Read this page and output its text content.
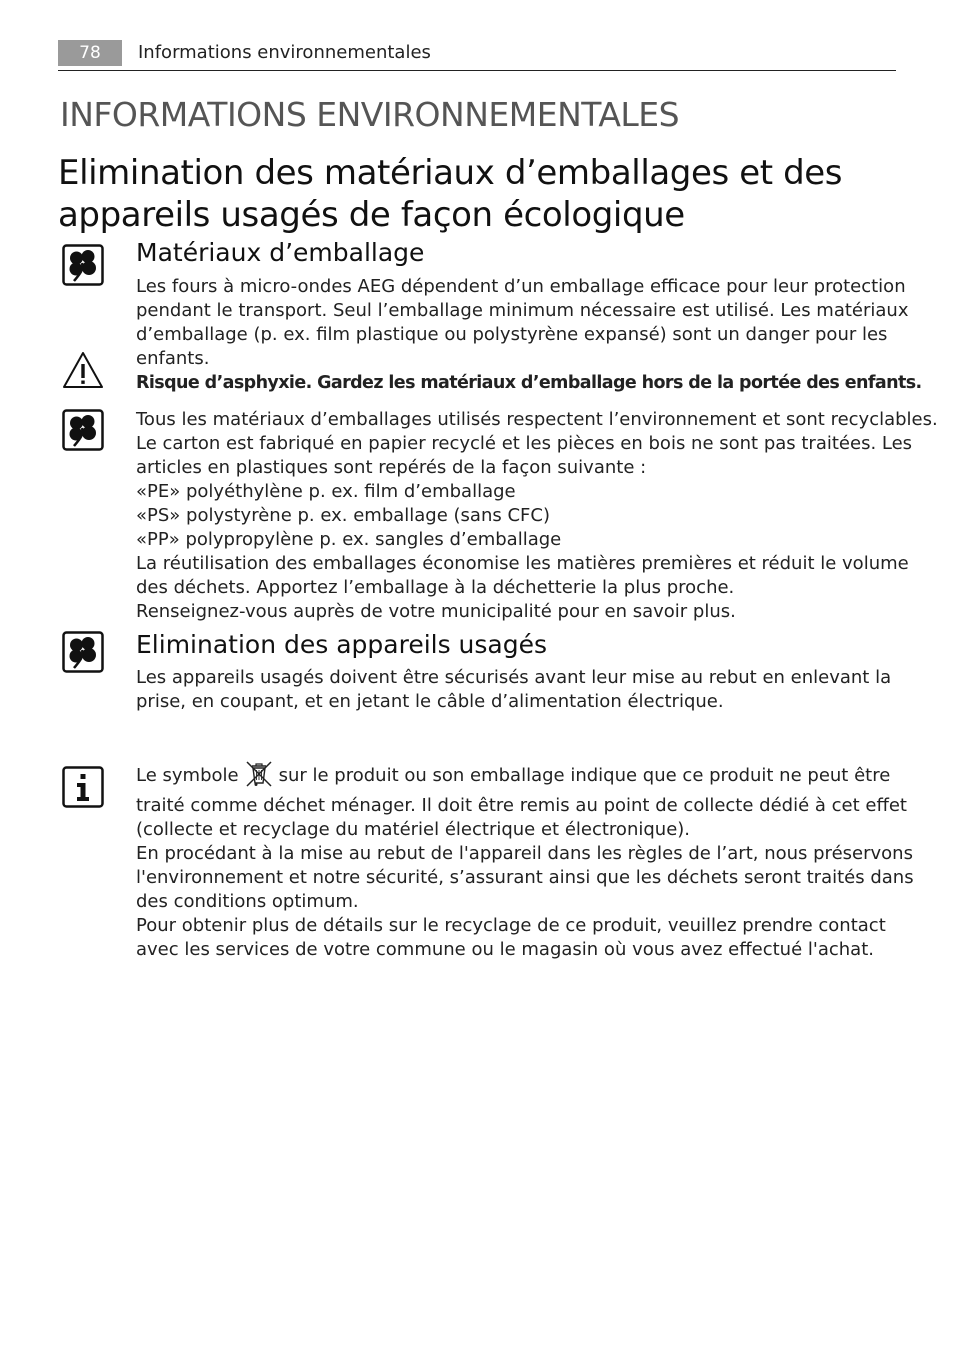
78	Informations environnementales
INFORMATIONS ENVIRONNEMENTALES
Elimination des matériaux d’emballages et des
appareils usagés de façon écologique
Matériaux d’emballage
Les fours à micro-ondes AEG dépendent d’un emballage efficace pour leur protection
pendant le transport. Seul l’emballage minimum nécessaire est utilisé. Les matériaux
d’emballage (p. ex. film plastique ou polystyrène expansé) sont un danger pour les
enfants.
Risque d’asphyxie. Gardez les matériaux d’emballage hors de la portée des enfants.
Tous les matériaux d’emballages utilisés respectent l’environnement et sont recyclables.
Le carton est fabriqué en papier recyclé et les pièces en bois ne sont pas traitées. Les
articles en plastiques sont repérés de la façon suivante :
«PE» polyéthylène p. ex. film d’emballage
«PS» polystyrène p. ex. emballage (sans CFC)
«PP» polypropylène p. ex. sangles d’emballage
La réutilisation des emballages économise les matières premières et réduit le volume
des déchets. Apportez l’emballage à la déchetterie la plus proche.
Renseignez-vous auprès de votre municipalité pour en savoir plus.
Elimination des appareils usagés
Les appareils usagés doivent être sécurisés avant leur mise au rebut en enlevant la
prise, en coupant, et en jetant le câble d’alimentation électrique.
Le symbole sur le produit ou son emballage indique que ce produit ne peut être
traité comme déchet ménager. Il doit être remis au point de collecte dédié à cet effet
(collecte et recyclage du matériel électrique et électronique).
En procédant à la mise au rebut de l'appareil dans les règles de l’art, nous préservons
l'environnement et notre sécurité, s’assurant ainsi que les déchets seront traités dans
des conditions optimum.
Pour obtenir plus de détails sur le recyclage de ce produit, veuillez prendre contact
avec les services de votre commune ou le magasin où vous avez effectué l'achat.
